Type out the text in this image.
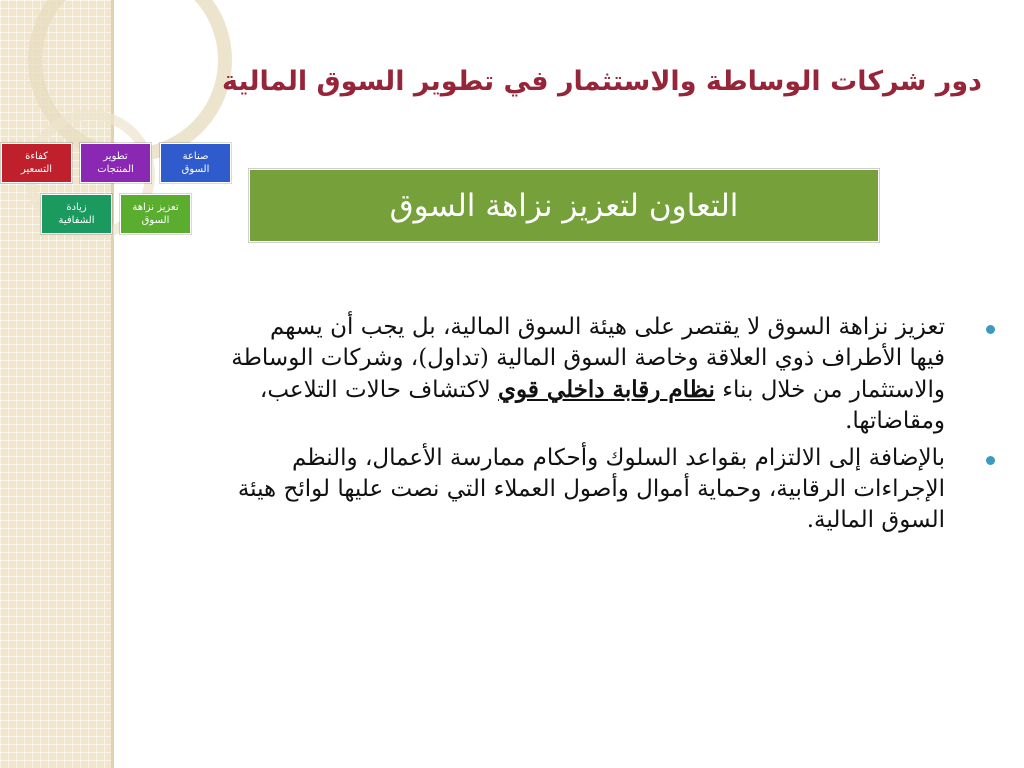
دور شركات الوساطة والاستثمار في تطوير السوق المالية
كفاءة
التسعير
تطوير
المنتجات
صناعة
السوق
زيادة
الشفافية
تعزيز نزاهة
السوق	التعاون لتعزيز نزاهة السوق
تعزيز نزاهة السوق لا يقتصر على هيئة السوق المالية، بل يجب أن يسهم فيها الأطراف ذوي العلاقة وخاصة السوق المالية (تداول)، وشركات الوساطة والاستثمار من خلال بناء نظام رقابة داخلي قوي لاكتشاف حالات التلاعب، ومقاضاتها.
بالإضافة إلى الالتزام بقواعد السلوك وأحكام ممارسة الأعمال، والنظم الإجراءات الرقابية، وحماية أموال وأصول العملاء التي نصت عليها لوائح هيئة السوق المالية.
